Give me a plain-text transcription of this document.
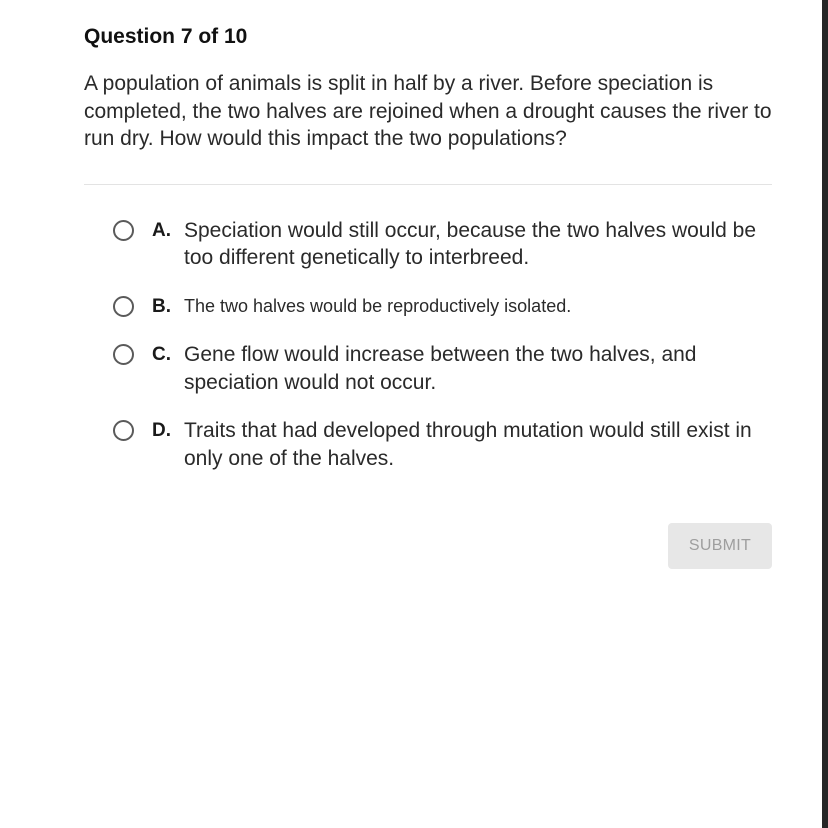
Question 7 of 10
A population of animals is split in half by a river. Before speciation is completed, the two halves are rejoined when a drought causes the river to run dry. How would this impact the two populations?
A. Speciation would still occur, because the two halves would be too different genetically to interbreed.
B. The two halves would be reproductively isolated.
C. Gene flow would increase between the two halves, and speciation would not occur.
D. Traits that had developed through mutation would still exist in only one of the halves.
SUBMIT
